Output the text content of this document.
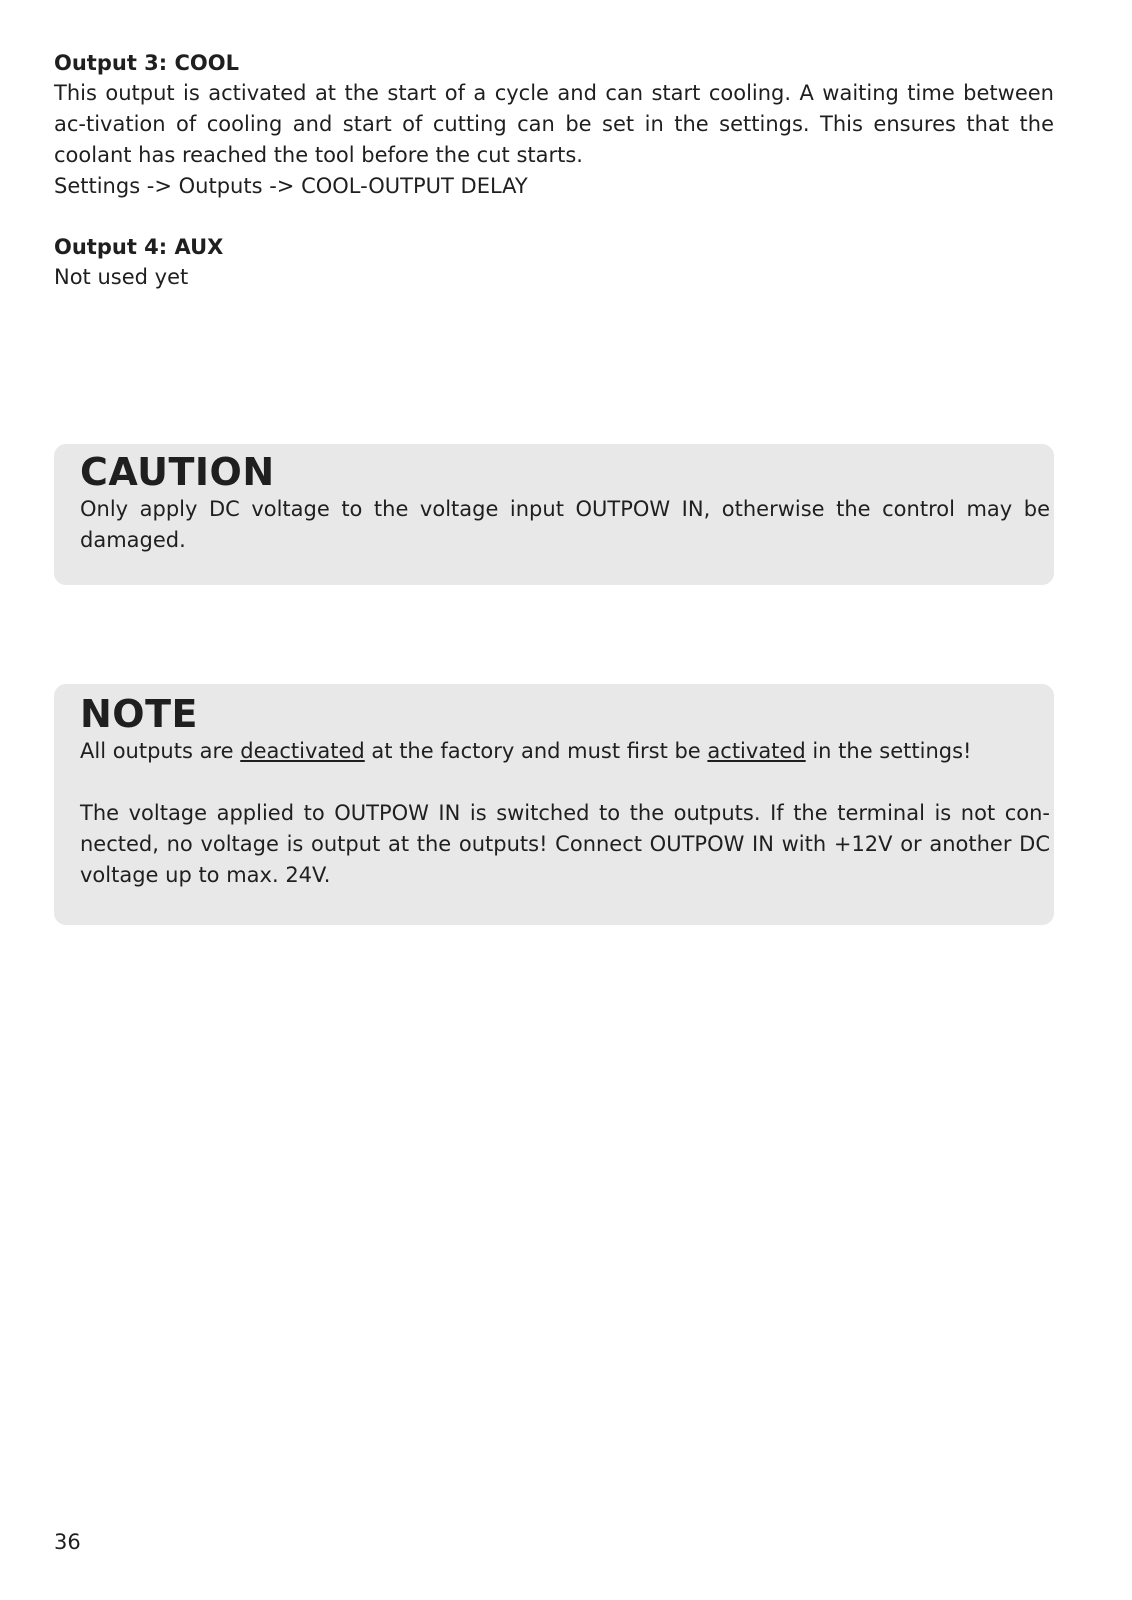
Output 3: COOL

This output is activated at the start of a cycle and can start cooling. A waiting time between ac-tivation of cooling and start of cutting can be set in the settings. This ensures that the coolant has reached the tool before the cut starts.

Settings -> Outputs -> COOL-OUTPUT DELAY

Output 4: AUX

Not used yet

CAUTION

Only apply DC voltage to the voltage input OUTPOW IN, otherwise the control may be damaged.

NOTE

All outputs are deactivated at the factory and must first be activated in the settings!

The voltage applied to OUTPOW IN is switched to the outputs. If the terminal is not con-nected, no voltage is output at the outputs! Connect OUTPOW IN with +12V or another DC voltage up to max. 24V.

36
